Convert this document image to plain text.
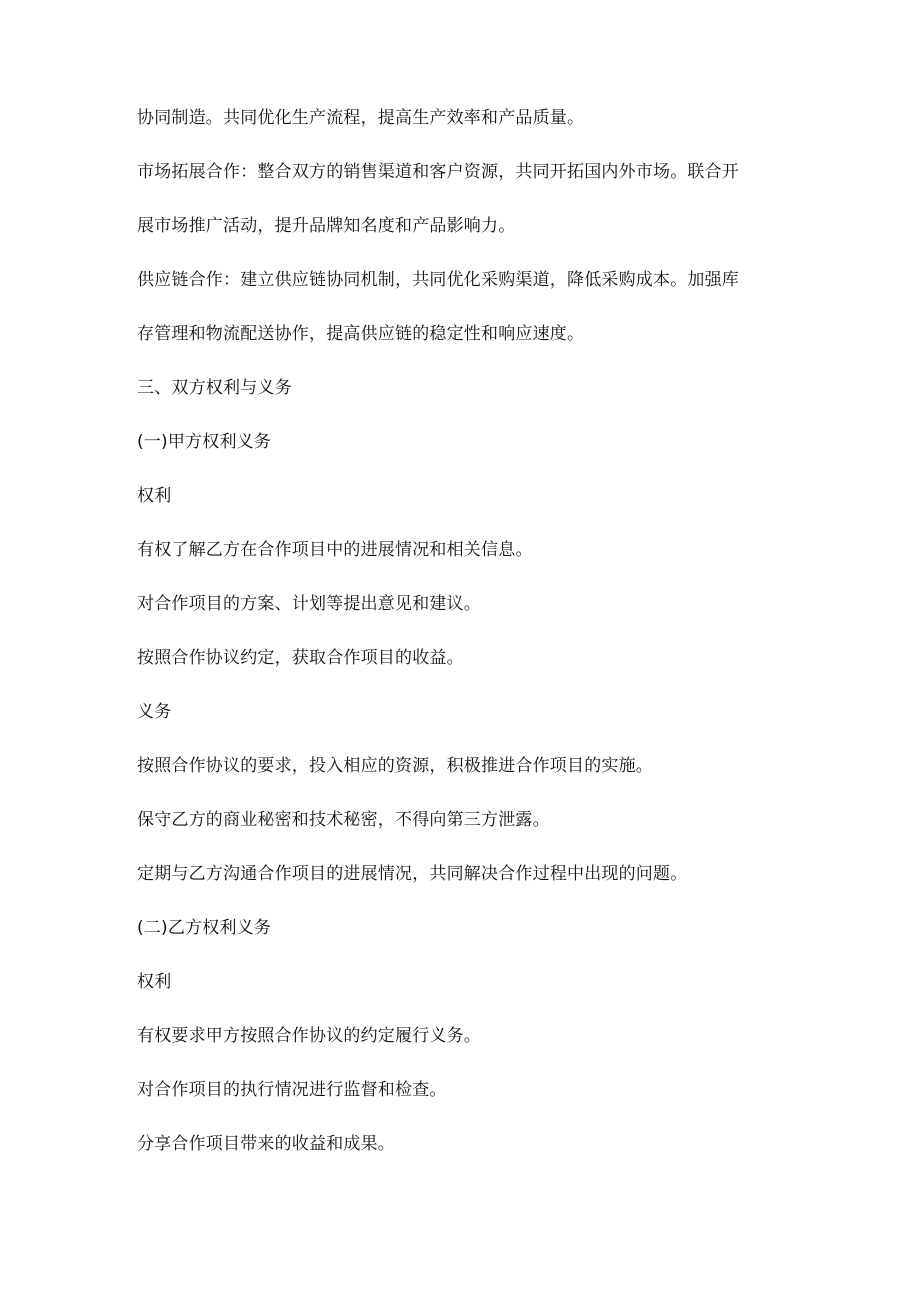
协同制造。共同优化生产流程，提高生产效率和产品质量。
市场拓展合作：整合双方的销售渠道和客户资源，共同开拓国内外市场。联合开
展市场推广活动，提升品牌知名度和产品影响力。
供应链合作：建立供应链协同机制，共同优化采购渠道，降低采购成本。加强库
存管理和物流配送协作，提高供应链的稳定性和响应速度。
三、双方权利与义务
(一)甲方权利义务
权利
有权了解乙方在合作项目中的进展情况和相关信息。
对合作项目的方案、计划等提出意见和建议。
按照合作协议约定，获取合作项目的收益。
义务
按照合作协议的要求，投入相应的资源，积极推进合作项目的实施。
保守乙方的商业秘密和技术秘密，不得向第三方泄露。
定期与乙方沟通合作项目的进展情况，共同解决合作过程中出现的问题。
(二)乙方权利义务
权利
有权要求甲方按照合作协议的约定履行义务。
对合作项目的执行情况进行监督和检查。
分享合作项目带来的收益和成果。
